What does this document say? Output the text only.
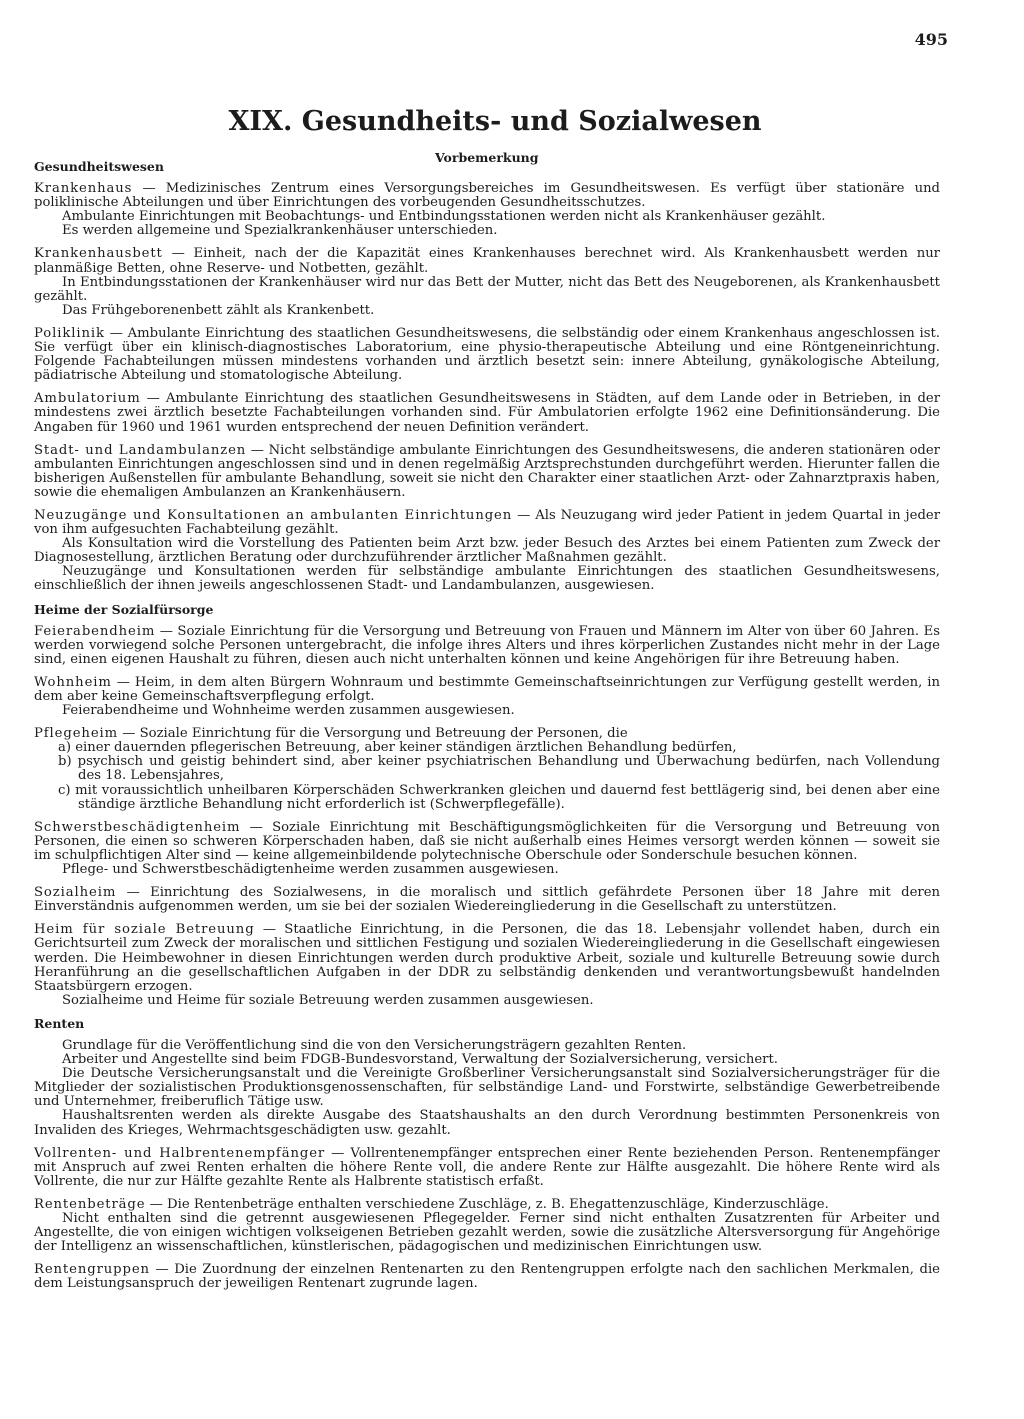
495
XIX. Gesundheits- und Sozialwesen
Vorbemerkung
Gesundheitswesen

Krankenhaus — Medizinisches Zentrum eines Versorgungsbereiches im Gesundheitswesen. Es verfügt über stationäre und poliklinische Abteilungen und über Einrichtungen des vorbeugenden Gesundheitsschutzes.

Ambulante Einrichtungen mit Beobachtungs- und Entbindungsstationen werden nicht als Krankenhäuser gezählt.

Es werden allgemeine und Spezialkrankenhäuser unterschieden.

Krankenhausbett — Einheit, nach der die Kapazität eines Krankenhauses berechnet wird. Als Krankenhausbett werden nur planmäßige Betten, ohne Reserve- und Notbetten, gezählt.

In Entbindungsstationen der Krankenhäuser wird nur das Bett der Mutter, nicht das Bett des Neugeborenen, als Krankenhausbett gezählt.

Das Frühgeborenenbett zählt als Krankenbett.

Poliklinik — Ambulante Einrichtung des staatlichen Gesundheitswesens, die selbständig oder einem Krankenhaus angeschlossen ist. Sie verfügt über ein klinisch-diagnostisches Laboratorium, eine physio-therapeutische Abteilung und eine Röntgeneinrichtung. Folgende Fachabteilungen müssen mindestens vorhanden und ärztlich besetzt sein: innere Abteilung, gynäkologische Abteilung, pädiatrische Abteilung und stomatologische Abteilung.

Ambulatorium — Ambulante Einrichtung des staatlichen Gesundheitswesens in Städten, auf dem Lande oder in Betrieben, in der mindestens zwei ärztlich besetzte Fachabteilungen vorhanden sind. Für Ambulatorien erfolgte 1962 eine Definitionsänderung. Die Angaben für 1960 und 1961 wurden entsprechend der neuen Definition verändert.

Stadt- und Landambulanzen — Nicht selbständige ambulante Einrichtungen des Gesundheitswesens, die anderen stationären oder ambulanten Einrichtungen angeschlossen sind und in denen regelmäßig Arztsprechstunden durchgeführt werden. Hierunter fallen die bisherigen Außenstellen für ambulante Behandlung, soweit sie nicht den Charakter einer staatlichen Arzt- oder Zahnarztpraxis haben, sowie die ehemaligen Ambulanzen an Krankenhäusern.

Neuzugänge und Konsultationen an ambulanten Einrichtungen — Als Neuzugang wird jeder Patient in jedem Quartal in jeder von ihm aufgesuchten Fachabteilung gezählt.

Als Konsultation wird die Vorstellung des Patienten beim Arzt bzw. jeder Besuch des Arztes bei einem Patienten zum Zweck der Diagnosestellung, ärztlichen Beratung oder durchzuführender ärztlicher Maßnahmen gezählt.

Neuzugänge und Konsultationen werden für selbständige ambulante Einrichtungen des staatlichen Gesundheitswesens, einschließlich der ihnen jeweils angeschlossenen Stadt- und Landambulanzen, ausgewiesen.

Heime der Sozialfürsorge

Feierabendheim — Soziale Einrichtung für die Versorgung und Betreuung von Frauen und Männern im Alter von über 60 Jahren. Es werden vorwiegend solche Personen untergebracht, die infolge ihres Alters und ihres körperlichen Zustandes nicht mehr in der Lage sind, einen eigenen Haushalt zu führen, diesen auch nicht unterhalten können und keine Angehörigen für ihre Betreuung haben.

Wohnheim — Heim, in dem alten Bürgern Wohnraum und bestimmte Gemeinschaftseinrichtungen zur Verfügung gestellt werden, in dem aber keine Gemeinschaftsverpflegung erfolgt.

Feierabendheime und Wohnheime werden zusammen ausgewiesen.

Pflegeheim — Soziale Einrichtung für die Versorgung und Betreuung der Personen, die

a) einer dauernden pflegerischen Betreuung, aber keiner ständigen ärztlichen Behandlung bedürfen,
b) psychisch und geistig behindert sind, aber keiner psychiatrischen Behandlung und Überwachung bedürfen, nach Vollendung des 18. Lebensjahres,
c) mit voraussichtlich unheilbaren Körperschäden Schwerkranken gleichen und dauernd fest bettlägerig sind, bei denen aber eine ständige ärztliche Behandlung nicht erforderlich ist (Schwerpflegefälle).

Schwerstbeschädigtenheim — Soziale Einrichtung mit Beschäftigungsmöglichkeiten für die Versorgung und Betreuung von Personen, die einen so schweren Körperschaden haben, daß sie nicht außerhalb eines Heimes versorgt werden können — soweit sie im schulpflichtigen Alter sind — keine allgemeinbildende polytechnische Oberschule oder Sonderschule besuchen können.

Pflege- und Schwerstbeschädigtenheime werden zusammen ausgewiesen.

Sozialheim — Einrichtung des Sozialwesens, in die moralisch und sittlich gefährdete Personen über 18 Jahre mit deren Einverständnis aufgenommen werden, um sie bei der sozialen Wiedereingliederung in die Gesellschaft zu unterstützen.

Heim für soziale Betreuung — Staatliche Einrichtung, in die Personen, die das 18. Lebensjahr vollendet haben, durch ein Gerichtsurteil zum Zweck der moralischen und sittlichen Festigung und sozialen Wiedereingliederung in die Gesellschaft eingewiesen werden. Die Heimbewohner in diesen Einrichtungen werden durch produktive Arbeit, soziale und kulturelle Betreuung sowie durch Heranführung an die gesellschaftlichen Aufgaben in der DDR zu selbständig denkenden und verantwortungsbewußt handelnden Staatsbürgern erzogen.

Sozialheime und Heime für soziale Betreuung werden zusammen ausgewiesen.

Renten

Grundlage für die Veröffentlichung sind die von den Versicherungsträgern gezahlten Renten.

Arbeiter und Angestellte sind beim FDGB-Bundesvorstand, Verwaltung der Sozialversicherung, versichert.

Die Deutsche Versicherungsanstalt und die Vereinigte Großberliner Versicherungsanstalt sind Sozialversicherungsträger für die Mitglieder der sozialistischen Produktionsgenossenschaften, für selbständige Land- und Forstwirte, selbständige Gewerbetreibende und Unternehmer, freiberuflich Tätige usw.

Haushaltsrenten werden als direkte Ausgabe des Staatshaushalts an den durch Verordnung bestimmten Personenkreis von Invaliden des Krieges, Wehrmachtsgeschädigten usw. gezahlt.

Vollrenten- und Halbrentenempfänger — Vollrentenempfänger entsprechen einer Rente beziehenden Person. Rentenempfänger mit Anspruch auf zwei Renten erhalten die höhere Rente voll, die andere Rente zur Hälfte ausgezahlt. Die höhere Rente wird als Vollrente, die nur zur Hälfte gezahlte Rente als Halbrente statistisch erfaßt.

Rentenbeträge — Die Rentenbeträge enthalten verschiedene Zuschläge, z. B. Ehegattenzuschläge, Kinderzuschläge.

Nicht enthalten sind die getrennt ausgewiesenen Pflegegelder. Ferner sind nicht enthalten Zusatzrenten für Arbeiter und Angestellte, die von einigen wichtigen volkseigenen Betrieben gezahlt werden, sowie die zusätzliche Altersversorgung für Angehörige der Intelligenz an wissenschaftlichen, künstlerischen, pädagogischen und medizinischen Einrichtungen usw.

Rentengruppen — Die Zuordnung der einzelnen Rentenarten zu den Rentengruppen erfolgte nach den sachlichen Merkmalen, die dem Leistungsanspruch der jeweiligen Rentenart zugrunde lagen.
